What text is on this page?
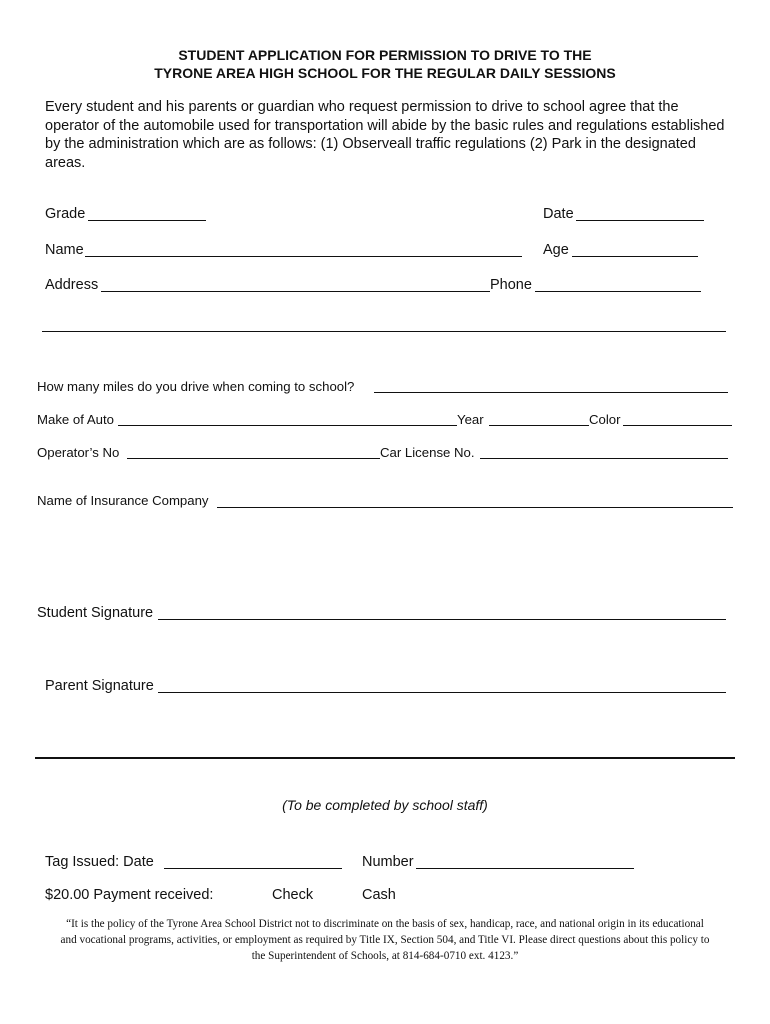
STUDENT APPLICATION FOR PERMISSION TO DRIVE TO THE
TYRONE AREA HIGH SCHOOL FOR THE REGULAR DAILY SESSIONS
Every student and his parents or guardian who request permission to drive to school agree that the operator of the automobile used for transportation will abide by the basic rules and regulations established by the administration which are as follows: (1) Observeall traffic regulations (2) Park in the designated areas.
Grade	Date
Name	Age
Address	Phone
How many miles do you drive when coming to school?
Make of Auto	Year	Color
Operator’s No	Car License No.
Name of Insurance Company
Student Signature
Parent Signature
(To be completed by school staff)
Tag Issued: Date	Number
$20.00 Payment received:	Check	Cash
“It is the policy of the Tyrone Area School District not to discriminate on the basis of sex, handicap, race, and national origin in its educational and vocational programs, activities, or employment as required by Title IX, Section 504, and Title VI. Please direct questions about this policy to the Superintendent of Schools, at 814-684-0710 ext. 4123.”
